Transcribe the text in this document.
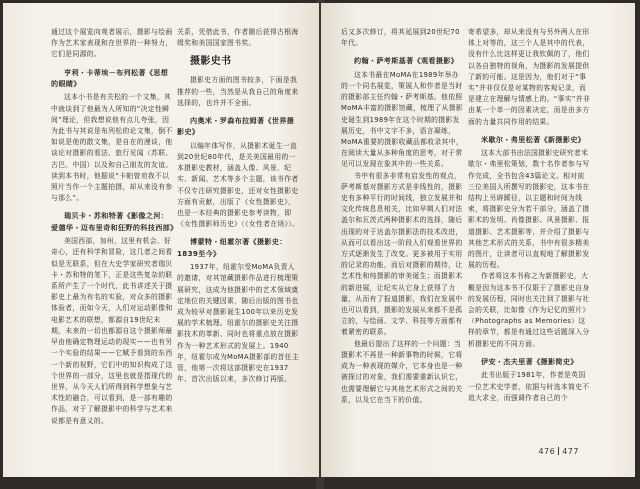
通过这个展览向观者展示，摄影与绘画作为艺术家表现和在世界的一种努力，它们是同源的。

亨利・卡蒂埃－布列松著《思想的眼睛》

这本小书是有关松的一个文集，其中就谈到了他最为人所知的“决定性瞬间”理论，但我想说他有点儿夸张，因为此书与其说是布列松的论文集，倒不如说是他的散文集，是自在的漫谈，他谈论对摄影的看法、旅行见闻（苏联、古巴、中国）以及和自己朋友的友谊。读到本书时，他据说“卡帕曾劝我不以照片当作一个主题拍摄，却从来没有参与那么”。

瑞贝卡・苏和特著《影像之河：爱德华・迈布里奇和狂野的科技西部》

美国西部，加州，这里有机会、好奇心，还有科学和冒险，这几者之间看似是无联系，但在大史学家研究者瑞贝卡・苏和特的笔下，正是这些复杂的联系所产生了一个时代，此书讲述关于摄影史上最为有名的实验，对众多的摄影体验者，而如今天，人们对运动影像和电影艺术的联想，都源自19世纪末期，未来的一切也都源自这个摄影师最早由他确定物理运动的现实——也有另一个实验的结果——它赋予看到的东西一个新的视野，它们中的知识构成了这个世界的一部分，这里也就是指现代的世界，从今天人们所得到科学想象与艺术性的融合，可以看到，是一部有趣的作品，对于了解摄影中的科学与艺术来说都是有意义的。

关系，凭借此书，作者随后获得古根海姆奖和美国国家图书奖。

摄影史书

摄影史方面的图书较多，下面是我推荐的一些，当然是从我自己的角度来选择的，也许并不全面。

内奥米・罗森布拉姆著《世界摄影史》

以编年体写作，从摄影术诞生一直到20世纪80年代，是关美国最用的一本摄影史教材，涵盖人像、风景、纪实、新闻、艺术等多个主题，该书作者不仅专注研究摄影史，还对女性摄影史方面有贡献，出版了《女性摄影史》，也是一本经典的摄影史参考读物，即《女性摄影师历史》（《女性者在场》）。

博蒙特・纽霍尔著《摄影史：1839至今》

1937年，纽霍尔受MoMA负责人的邀请，对其馆藏摄影作品进行梳理策展研究，这成为他摄影中的艺术领域奠定地位的关键因素，随后出版的图书也成为较早对摄影诞生100年以来历史发展的学术梳理。纽霍尔的摄影史关注摄影技术的革新、同时也将重点放在摄影作为一种艺术形式的发展上。1940年，纽霍尔成为MoMA摄影部的首任主管，他第一次将这部摄影史在1937年、首次出版以来，多次修订再版。

后又多次修订，将其延展到20世纪70年代。

约翰・萨考斯基著《观看摄影》

这本书最在MoMA在1989年举办的一个同名展览，策展人和作者是当时的摄影部主任约翰・萨考斯基。他依照MoMA丰富的摄影馆藏，梳理了从摄影史诞生到1989年在这个时期的摄影发展历史，书中文字不多，语言凝练，MoMA重要的摄影收藏品都收录其中，在阅读大量从多种角度的思考，对于常见可以发现在象其中的一些关系。

书中有很多非常有启发性的观点，萨考斯基对摄影方式是非线性的，摄影史有多种平行的时间线，独立发展并和文化传统息息相关，比如早期人们对法盖尔和瓦茨式两种摄影术的选择，随后出现的对于达盖尔摄影法的技术改进，从而可以看出这一阶段人们观看世界的方式逐渐发生了改变。更多被用于实用的记录的功能，而后对摄影的期待，让艺术性和纯摄影的审美诞生；而摄影术的新进展，让纪实从它身上获得了力量，从而有了报道摄影，我们在发展中也可以看到，摄影的发展从来都不是孤立的，与绘画、文学、科技等方面都有着紧密的联系。

他最后提出了这样的一个问题：当摄影术不再是一种新事物的时候，它将成为一种表现的媒介，它本身也是一种被探讨的对象，我们需要重新认识它，也需要理解它与其他艺术形式之间的关系，以及它在当下的价值。

寄希望多，却从来没有与另外两人在形体上对等的，这三个人是其中的代表，没有什么比这样更让我钦佩的了，他们以各自独特的视角，为摄影的发展提供了新的可能。这是因为，他们对于“事实”并非仅仅是对某物的客观记录，而是建立在理解与情感上的。“事实”并非由某一个单一的因素决定，而是由多方面的力量共同作用的结果。

米歇尔・弗里松著《新摄影史》

这本大部书由法国摄影史研究者米歇尔・弗里松策划，数十名作者参与写作完成，全书包含43篇论文。相对前三位美国人所撰写的摄影史，这本书在结构上另辟蹊径，以主题和时间为线索，将摄影史分为若干部分，涵盖了摄影术的发明、肖像摄影、风景摄影、报道摄影、艺术摄影等，并介绍了摄影与其他艺术形式的关系，书中有很多精美的图片，让读者可以直观地了解摄影发展的历程。

作者将这本书称之为新摄影史，大概是因为这本书不仅限于了摄影史自身的发展历程，同时也关注到了摄影与社会的关联，比如像《作为记忆的照片》（Photographs as Memories）这样的章节，都是有通过这些话题深入分析摄影史的不同方面。

伊安・杰夫里著《摄影简史》

此书出版于1981年，作者是英国一位艺术史学者，依据与时选本简史不追大求全，而强调作者自己的个

476 477
